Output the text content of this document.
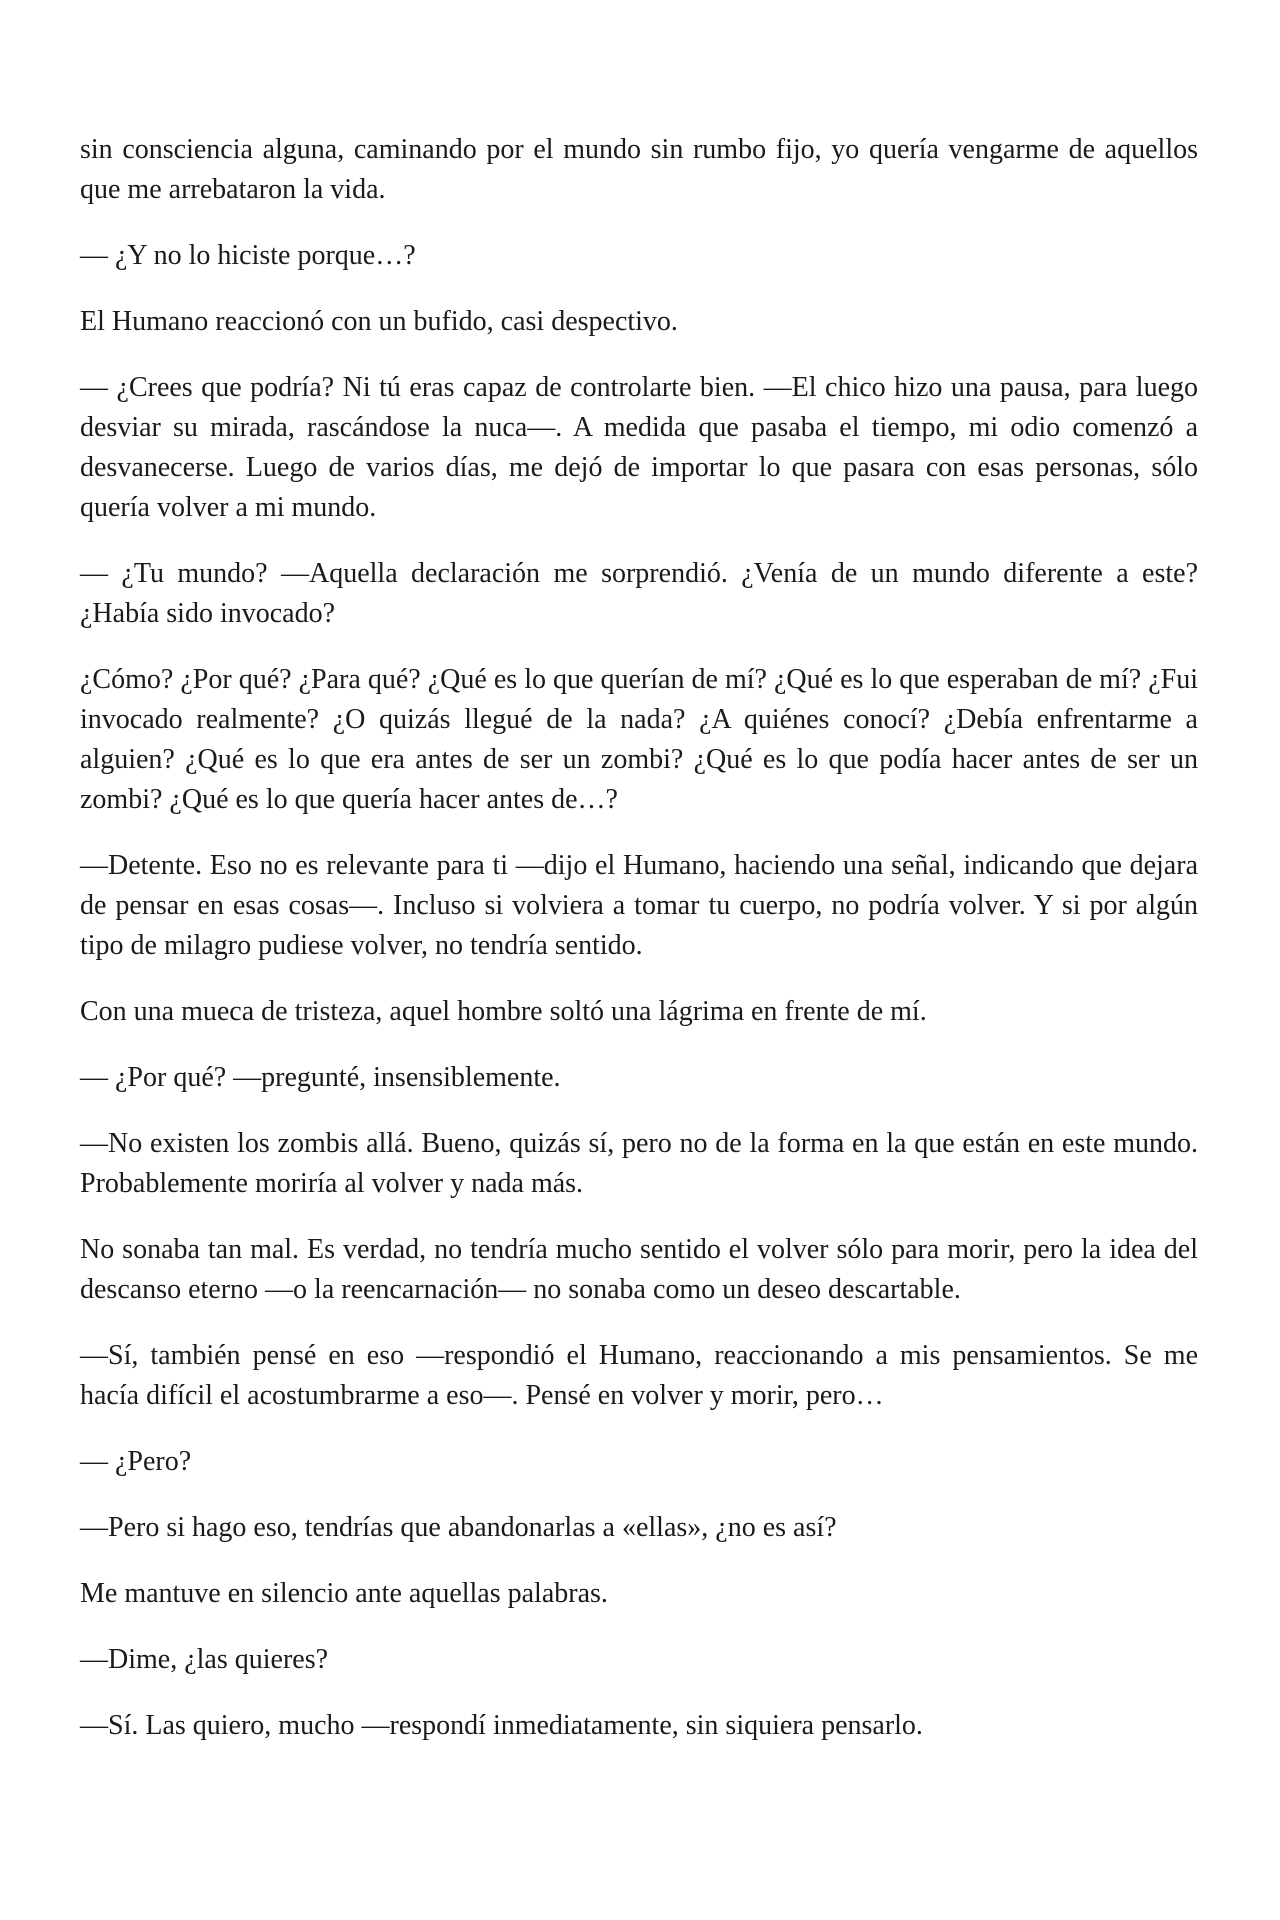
sin consciencia alguna, caminando por el mundo sin rumbo fijo, yo quería vengarme de aquellos que me arrebataron la vida.

— ¿Y no lo hiciste porque…?

El Humano reaccionó con un bufido, casi despectivo.

— ¿Crees que podría? Ni tú eras capaz de controlarte bien. —El chico hizo una pausa, para luego desviar su mirada, rascándose la nuca—. A medida que pasaba el tiempo, mi odio comenzó a desvanecerse. Luego de varios días, me dejó de importar lo que pasara con esas personas, sólo quería volver a mi mundo.

— ¿Tu mundo? —Aquella declaración me sorprendió. ¿Venía de un mundo diferente a este? ¿Había sido invocado?

¿Cómo? ¿Por qué? ¿Para qué? ¿Qué es lo que querían de mí? ¿Qué es lo que esperaban de mí? ¿Fui invocado realmente? ¿O quizás llegué de la nada? ¿A quiénes conocí? ¿Debía enfrentarme a alguien? ¿Qué es lo que era antes de ser un zombi? ¿Qué es lo que podía hacer antes de ser un zombi? ¿Qué es lo que quería hacer antes de…?

—Detente. Eso no es relevante para ti —dijo el Humano, haciendo una señal, indicando que dejara de pensar en esas cosas—. Incluso si volviera a tomar tu cuerpo, no podría volver. Y si por algún tipo de milagro pudiese volver, no tendría sentido.

Con una mueca de tristeza, aquel hombre soltó una lágrima en frente de mí.

— ¿Por qué? —pregunté, insensiblemente.

—No existen los zombis allá. Bueno, quizás sí, pero no de la forma en la que están en este mundo. Probablemente moriría al volver y nada más.

No sonaba tan mal. Es verdad, no tendría mucho sentido el volver sólo para morir, pero la idea del descanso eterno —o la reencarnación— no sonaba como un deseo descartable.

—Sí, también pensé en eso —respondió el Humano, reaccionando a mis pensamientos. Se me hacía difícil el acostumbrarme a eso—. Pensé en volver y morir, pero…

— ¿Pero?

—Pero si hago eso, tendrías que abandonarlas a «ellas», ¿no es así?

Me mantuve en silencio ante aquellas palabras.

—Dime, ¿las quieres?

—Sí. Las quiero, mucho —respondí inmediatamente, sin siquiera pensarlo.
